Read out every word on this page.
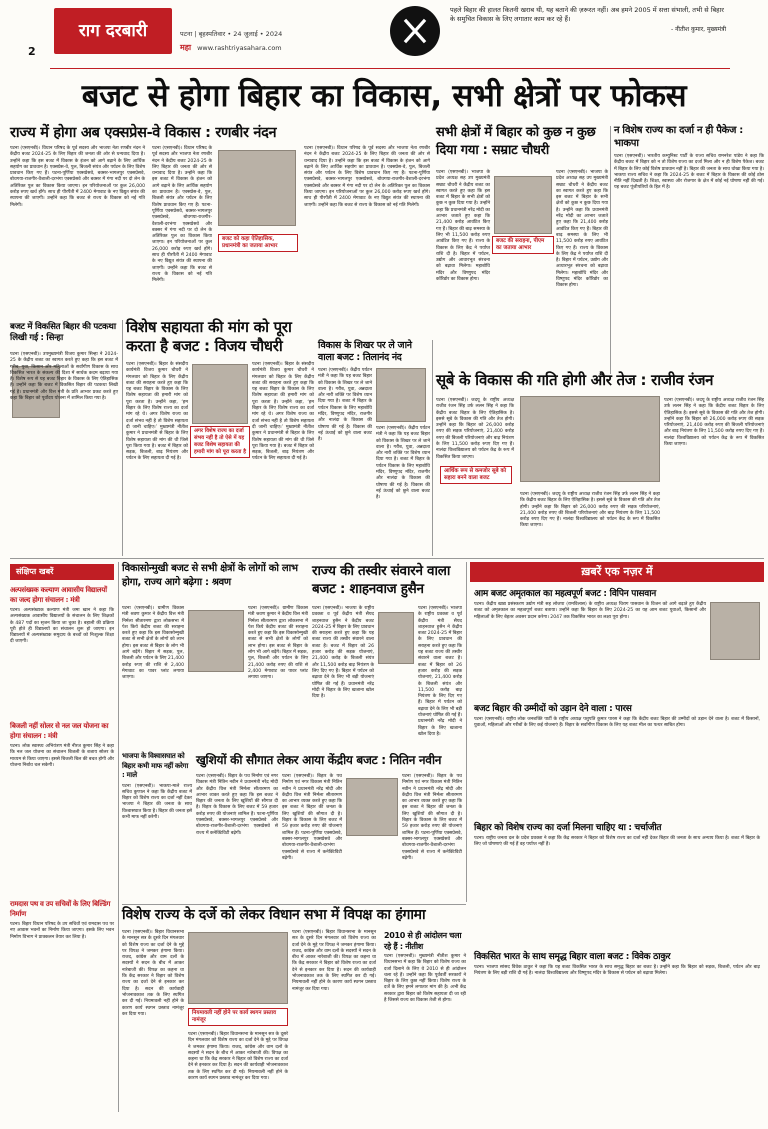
2
राग दरबारी	पटना | बृहस्पतिवार • 24 जुलाई • 2024
महा www.rashtriyasahara.com
पहले बिहार की हालत कितनी खराब थी, यह बताने की ज़रूरत नहीं। अब हमने 2005 में सत्ता संभाली, तभी से बिहार के समुचित विकास के लिए लगातार काम कर रहे हैं।
- नीतीश कुमार, मुख्यमंत्री
बजट से होगा बिहार का विकास, सभी क्षेत्रों पर फोकस
राज्य में होगा अब एक्सप्रेस-वे विकास : रणबीर नंदन
पटना (एसएनबी)। विधान परिषद के पूर्व सदस्य और भाजपा नेता रणबीर नंदन ने केंद्रीय बजट 2024-25 के लिए बिहार की जनता की ओर से धन्यवाद दिया है। उन्होंने कहा कि इस बजट में विकास के इंजन को आगे बढ़ाने के लिए आर्थिक सहयोग का प्रावधान है। एक्सप्रेस-वे, पुल, बिजली संयंत्र और पर्यटन के लिए विशेष प्रावधान किए गए हैं। पटना-पूर्णिया एक्सप्रेसवे, बक्सर-भागलपुर एक्सप्रेसवे, बोधगया-राजगीर-वैशाली-दरभंगा एक्सप्रेसवे और बक्सर में गंगा नदी पर दो लेन के अतिरिक्त पुल का विकास किया जाएगा। इन परियोजनाओं पर कुल 26,000 करोड़ रुपए खर्च होंगे। साथ ही पीरपैंती में 2400 मेगावाट के नए विद्युत संयंत्र की स्थापना की जाएगी। उन्होंने कहा कि बजट से राज्य के विकास को नई गति मिलेगी।
पटना (एसएनबी)। विधान परिषद के पूर्व सदस्य और भाजपा नेता रणबीर नंदन ने केंद्रीय बजट 2024-25 के लिए बिहार की जनता की ओर से धन्यवाद दिया है। उन्होंने कहा कि इस बजट में विकास के इंजन को आगे बढ़ाने के लिए आर्थिक सहयोग का प्रावधान है। एक्सप्रेस-वे, पुल, बिजली संयंत्र और पर्यटन के लिए विशेष प्रावधान किए गए हैं। पटना-पूर्णिया एक्सप्रेसवे, बक्सर-भागलपुर एक्सप्रेसवे, बोधगया-राजगीर-वैशाली-दरभंगा एक्सप्रेसवे और बक्सर में गंगा नदी पर दो लेन के अतिरिक्त पुल का विकास किया जाएगा। इन परियोजनाओं पर कुल 26,000 करोड़ रुपए खर्च होंगे। साथ ही पीरपैंती में 2400 मेगावाट के नए विद्युत संयंत्र की स्थापना की जाएगी। उन्होंने कहा कि बजट से राज्य के विकास को नई गति मिलेगी।
बजट को कहा ऐतिहासिक, प्रधानमंत्री का जताया आभार
पटना (एसएनबी)। विधान परिषद के पूर्व सदस्य और भाजपा नेता रणबीर नंदन ने केंद्रीय बजट 2024-25 के लिए बिहार की जनता की ओर से धन्यवाद दिया है। उन्होंने कहा कि इस बजट में विकास के इंजन को आगे बढ़ाने के लिए आर्थिक सहयोग का प्रावधान है। एक्सप्रेस-वे, पुल, बिजली संयंत्र और पर्यटन के लिए विशेष प्रावधान किए गए हैं। पटना-पूर्णिया एक्सप्रेसवे, बक्सर-भागलपुर एक्सप्रेसवे, बोधगया-राजगीर-वैशाली-दरभंगा एक्सप्रेसवे और बक्सर में गंगा नदी पर दो लेन के अतिरिक्त पुल का विकास किया जाएगा। इन परियोजनाओं पर कुल 26,000 करोड़ रुपए खर्च होंगे। साथ ही पीरपैंती में 2400 मेगावाट के नए विद्युत संयंत्र की स्थापना की जाएगी। उन्होंने कहा कि बजट से राज्य के विकास को नई गति मिलेगी।
सभी क्षेत्रों में बिहार को कुछ न कुछ दिया गया : सम्राट चौधरी
पटना (एसएनबी)। भाजपा के प्रदेश अध्यक्ष सह उप मुख्यमंत्री सम्राट चौधरी ने केंद्रीय बजट का स्वागत करते हुए कहा कि इस बजट में बिहार के सभी क्षेत्रों को कुछ न कुछ दिया गया है। उन्होंने कहा कि प्रधानमंत्री नरेंद्र मोदी का आभार जताते हुए कहा कि 21,400 करोड़ आवंटित किए गए हैं। बिहार की बाढ़ समस्या के लिए भी 11,500 करोड़ रुपए आवंटित किए गए हैं। राज्य के विकास के लिए केंद्र ने पर्याप्त राशि दी है। बिहार में पर्यटन, उद्योग और आधारभूत संरचना को बढ़ावा मिलेगा। महाबोधि मंदिर और विष्णुपद मंदिर कॉरिडोर का विकास होगा।
बजट की सराहना, पीएम का जताया आभार
पटना (एसएनबी)। भाजपा के प्रदेश अध्यक्ष सह उप मुख्यमंत्री सम्राट चौधरी ने केंद्रीय बजट का स्वागत करते हुए कहा कि इस बजट में बिहार के सभी क्षेत्रों को कुछ न कुछ दिया गया है। उन्होंने कहा कि प्रधानमंत्री नरेंद्र मोदी का आभार जताते हुए कहा कि 21,400 करोड़ आवंटित किए गए हैं। बिहार की बाढ़ समस्या के लिए भी 11,500 करोड़ रुपए आवंटित किए गए हैं। राज्य के विकास के लिए केंद्र ने पर्याप्त राशि दी है। बिहार में पर्यटन, उद्योग और आधारभूत संरचना को बढ़ावा मिलेगा। महाबोधि मंदिर और विष्णुपद मंदिर कॉरिडोर का विकास होगा।
न विशेष राज्य का दर्जा न ही पैकेज : भाकपा
पटना (एसएनबी)। भारतीय कम्युनिस्ट पार्टी के राज्य सचिव रामनरेश पांडेय ने कहा कि केंद्रीय बजट में बिहार को न तो विशेष राज्य का दर्जा मिला और न ही विशेष पैकेज। बजट में बिहार के लिए कोई विशेष प्रावधान नहीं है। बिहार की जनता के साथ धोखा किया गया है। भाकपा राज्य सचिव ने कहा कि 2024-25 के बजट में बिहार के विकास की कोई ठोस नीति नहीं दिखती है। शिक्षा, स्वास्थ्य और रोजगार के क्षेत्र में कोई नई घोषणा नहीं की गई। यह बजट पूंजीपतियों के हित में है।
बजट में विकसित बिहार की पटकथा लिखी गई : सिन्हा
पटना (एसएनबी)। उपमुख्यमंत्री विजय कुमार सिन्हा ने 2024-25 के केंद्रीय बजट का स्वागत करते हुए कहा कि इस बजट में गरीब, युवा, किसान और महिलाओं के सर्वांगीण विकास के साथ विकसित भारत के संकल्प की दिशा में सार्थक कदम बढ़ाया गया है। विशेष रूप से यह बजट बिहार के विकास के लिए ऐतिहासिक है। उन्होंने कहा कि बजट में विकसित बिहार की पटकथा लिखी गई है। प्रधानमंत्री और वित्त मंत्री के प्रति आभार प्रकट करते हुए कहा कि बिहार को पूर्वोदय योजना में शामिल किया गया है।
विशेष सहायता की मांग को पूरा करता है बजट : विजय चौधरी
पटना (एसएनबी)। बिहार के संसदीय कार्यमंत्री विजय कुमार चौधरी ने मंगलवार को बिहार के लिए केंद्रीय बजट की सराहना करते हुए कहा कि यह बजट बिहार के विकास के लिए विशेष सहायता की हमारी मांग को पूरा करता है। उन्होंने कहा, ‘हम बिहार के लिए विशेष राज्य का दर्जा मांग रहे थे। अगर विशेष राज्य का दर्जा संभव नहीं है तो विशेष सहायता दी जानी चाहिए।’ मुख्यमंत्री नीतीश कुमार ने प्रधानमंत्री से बिहार के लिए विशेष सहायता की मांग की थी जिसे पूरा किया गया है। बजट में बिहार को सड़क, बिजली, बाढ़ नियंत्रण और पर्यटन के लिए सहायता दी गई है।
अगर विशेष राज्य का दर्जा संभव नहीं है तो ऐसे में यह बजट विशेष सहायता की हमारी मांग को पूरा करता है
पटना (एसएनबी)। बिहार के संसदीय कार्यमंत्री विजय कुमार चौधरी ने मंगलवार को बिहार के लिए केंद्रीय बजट की सराहना करते हुए कहा कि यह बजट बिहार के विकास के लिए विशेष सहायता की हमारी मांग को पूरा करता है। उन्होंने कहा, ‘हम बिहार के लिए विशेष राज्य का दर्जा मांग रहे थे। अगर विशेष राज्य का दर्जा संभव नहीं है तो विशेष सहायता दी जानी चाहिए।’ मुख्यमंत्री नीतीश कुमार ने प्रधानमंत्री से बिहार के लिए विशेष सहायता की मांग की थी जिसे पूरा किया गया है। बजट में बिहार को सड़क, बिजली, बाढ़ नियंत्रण और पर्यटन के लिए सहायता दी गई है।
विकास के शिखर पर ले जाने वाला बजट : तिलानंद नंद
पटना (एसएनबी)। केंद्रीय पर्यटन मंत्री ने कहा कि यह बजट बिहार को विकास के शिखर पर ले जाने वाला है। गरीब, युवा, अन्नदाता और नारी शक्ति पर विशेष ध्यान दिया गया है। बजट में बिहार के पर्यटन विकास के लिए महाबोधि मंदिर, विष्णुपद मंदिर, राजगीर और नालंदा के विकास की घोषणा की गई है। विकास की नई ऊंचाई को छूने वाला बजट है।
पटना (एसएनबी)। केंद्रीय पर्यटन मंत्री ने कहा कि यह बजट बिहार को विकास के शिखर पर ले जाने वाला है। गरीब, युवा, अन्नदाता और नारी शक्ति पर विशेष ध्यान दिया गया है। बजट में बिहार के पर्यटन विकास के लिए महाबोधि मंदिर, विष्णुपद मंदिर, राजगीर और नालंदा के विकास की घोषणा की गई है। विकास की नई ऊंचाई को छूने वाला बजट है।
सूबे के विकास की गति होगी और तेज : राजीव रंजन
पटना (एसएनबी)। जदयू के राष्ट्रीय अध्यक्ष राजीव रंजन सिंह उर्फ ललन सिंह ने कहा कि केंद्रीय बजट बिहार के लिए ऐतिहासिक है। इससे सूबे के विकास की गति और तेज होगी। उन्होंने कहा कि बिहार को 26,000 करोड़ रुपए की सड़क परियोजनाएं, 21,400 करोड़ रुपए की बिजली परियोजनाएं और बाढ़ नियंत्रण के लिए 11,500 करोड़ रुपए दिए गए हैं। नालंदा विश्वविद्यालय को पर्यटन केंद्र के रूप में विकसित किया जाएगा।
आर्थिक रूप से कमजोर सूबे को सहारा बनने वाला बजट
पटना (एसएनबी)। जदयू के राष्ट्रीय अध्यक्ष राजीव रंजन सिंह उर्फ ललन सिंह ने कहा कि केंद्रीय बजट बिहार के लिए ऐतिहासिक है। इससे सूबे के विकास की गति और तेज होगी। उन्होंने कहा कि बिहार को 26,000 करोड़ रुपए की सड़क परियोजनाएं, 21,400 करोड़ रुपए की बिजली परियोजनाएं और बाढ़ नियंत्रण के लिए 11,500 करोड़ रुपए दिए गए हैं। नालंदा विश्वविद्यालय को पर्यटन केंद्र के रूप में विकसित किया जाएगा।
पटना (एसएनबी)। जदयू के राष्ट्रीय अध्यक्ष राजीव रंजन सिंह उर्फ ललन सिंह ने कहा कि केंद्रीय बजट बिहार के लिए ऐतिहासिक है। इससे सूबे के विकास की गति और तेज होगी। उन्होंने कहा कि बिहार को 26,000 करोड़ रुपए की सड़क परियोजनाएं, 21,400 करोड़ रुपए की बिजली परियोजनाएं और बाढ़ नियंत्रण के लिए 11,500 करोड़ रुपए दिए गए हैं। नालंदा विश्वविद्यालय को पर्यटन केंद्र के रूप में विकसित किया जाएगा।
संक्षिप्त खबरें
अल्पसंख्यक कल्याण आवासीय विद्यालयों का जल्द होगा संचालन : मंत्री
पटना। अल्पसंख्यक कल्याण मंत्री जमा खान ने कहा कि अल्पसंख्यक आवासीय विद्यालयों के संचालन के लिए शिक्षकों के 487 पदों का सृजन किया जा चुका है। बहाली की प्रक्रिया पूरी होते ही विद्यालयों का संचालन शुरू हो जाएगा। इन विद्यालयों में अल्पसंख्यक समुदाय के बच्चों को निःशुल्क शिक्षा दी जाएगी।
बिजली नहीं सोलर से नल जल योजना का होगा संचालन : मंत्री
पटना। लोक स्वास्थ्य अभियंत्रण मंत्री नीरज कुमार सिंह ने कहा कि नल जल योजना का संचालन बिजली के बजाय सोलर के माध्यम से किया जाएगा। इससे बिजली बिल की बचत होगी और योजना निर्बाध चल सकेगी।
रामदास पथ व उप सचिवों के लिए बिल्डिंग निर्माण
पटना। बिहार विधान परिषद के उप सचिवों एवं रामदास पथ पर नए आवास भवनों का निर्माण किया जाएगा। इसके लिए भवन निर्माण विभाग ने प्राक्कलन तैयार कर लिया है।
विकासोन्मुखी बजट से सभी क्षेत्रों के लोगों को लाभ होगा, राज्य आगे बढ़ेगा : श्रवण
पटना (एसएनबी)। ग्रामीण विकास मंत्री श्रवण कुमार ने केंद्रीय वित्त मंत्री निर्मला सीतारमण द्वारा लोकसभा में पेश किये केंद्रीय बजट की सराहना करते हुए कहा कि इस विकासोन्मुखी बजट से सभी क्षेत्रों के लोगों को लाभ होगा। इस बजट से बिहार के लोग भी आगे बढ़ेंगे। बिहार में सड़क, पुल, बिजली और पर्यटन के लिए 21,400 करोड़ रुपए की राशि से 2,400 मेगावाट का पावर प्लांट लगाया जाएगा।
पटना (एसएनबी)। ग्रामीण विकास मंत्री श्रवण कुमार ने केंद्रीय वित्त मंत्री निर्मला सीतारमण द्वारा लोकसभा में पेश किये केंद्रीय बजट की सराहना करते हुए कहा कि इस विकासोन्मुखी बजट से सभी क्षेत्रों के लोगों को लाभ होगा। इस बजट से बिहार के लोग भी आगे बढ़ेंगे। बिहार में सड़क, पुल, बिजली और पर्यटन के लिए 21,400 करोड़ रुपए की राशि से 2,400 मेगावाट का पावर प्लांट लगाया जाएगा।
भाजपा के विश्वासघात को बिहार कभी माफ नहीं करेगा : माले
पटना (एसएनबी)। भाकपा-माले राज्य सचिव कुणाल ने कहा कि केंद्रीय बजट में बिहार को विशेष राज्य का दर्जा नहीं देकर भाजपा ने बिहार की जनता के साथ विश्वासघात किया है। बिहार की जनता इसे कभी माफ नहीं करेगी।
राज्य की तस्वीर संवारने वाला बजट : शाहनवाज हुसैन
पटना (एसएनबी)। भाजपा के राष्ट्रीय प्रवक्ता व पूर्व केंद्रीय मंत्री सैयद शाहनवाज हुसैन ने केंद्रीय बजट 2024-25 में बिहार के लिए प्रावधान की सराहना करते हुए कहा कि यह बजट राज्य की तस्वीर संवारने वाला बजट है। बजट में बिहार को 26 हजार करोड़ की सड़क योजनाएं, 21,400 करोड़ के बिजली संयंत्र और 11,500 करोड़ बाढ़ नियंत्रण के लिए दिए गए हैं। बिहार में पर्यटन को बढ़ावा देने के लिए भी बड़ी योजनाएं घोषित की गई हैं। प्रधानमंत्री नरेंद्र मोदी ने बिहार के लिए खजाना खोल दिया है।
पटना (एसएनबी)। भाजपा के राष्ट्रीय प्रवक्ता व पूर्व केंद्रीय मंत्री सैयद शाहनवाज हुसैन ने केंद्रीय बजट 2024-25 में बिहार के लिए प्रावधान की सराहना करते हुए कहा कि यह बजट राज्य की तस्वीर संवारने वाला बजट है। बजट में बिहार को 26 हजार करोड़ की सड़क योजनाएं, 21,400 करोड़ के बिजली संयंत्र और 11,500 करोड़ बाढ़ नियंत्रण के लिए दिए गए हैं। बिहार में पर्यटन को बढ़ावा देने के लिए भी बड़ी योजनाएं घोषित की गई हैं। प्रधानमंत्री नरेंद्र मोदी ने बिहार के लिए खजाना खोल दिया है।
खुशियों की सौगात लेकर आया केंद्रीय बजट : नितिन नवीन
पटना (एसएनबी)। बिहार के पथ निर्माण एवं नगर विकास मंत्री नितिन नवीन ने प्रधानमंत्री नरेंद्र मोदी और केंद्रीय वित्त मंत्री निर्मला सीतारमण का आभार व्यक्त करते हुए कहा कि इस बजट ने बिहार की जनता के लिए खुशियों की सौगात दी है। बिहार के विकास के लिए बजट में 59 हजार करोड़ रुपए की योजनाएं शामिल हैं। पटना-पूर्णिया एक्सप्रेसवे, बक्सर-भागलपुर एक्सप्रेसवे और बोधगया-राजगीर-वैशाली-दरभंगा एक्सप्रेसवे से राज्य में कनेक्टिविटी बढ़ेगी।
पटना (एसएनबी)। बिहार के पथ निर्माण एवं नगर विकास मंत्री नितिन नवीन ने प्रधानमंत्री नरेंद्र मोदी और केंद्रीय वित्त मंत्री निर्मला सीतारमण का आभार व्यक्त करते हुए कहा कि इस बजट ने बिहार की जनता के लिए खुशियों की सौगात दी है। बिहार के विकास के लिए बजट में 59 हजार करोड़ रुपए की योजनाएं शामिल हैं। पटना-पूर्णिया एक्सप्रेसवे, बक्सर-भागलपुर एक्सप्रेसवे और बोधगया-राजगीर-वैशाली-दरभंगा एक्सप्रेसवे से राज्य में कनेक्टिविटी बढ़ेगी।
पटना (एसएनबी)। बिहार के पथ निर्माण एवं नगर विकास मंत्री नितिन नवीन ने प्रधानमंत्री नरेंद्र मोदी और केंद्रीय वित्त मंत्री निर्मला सीतारमण का आभार व्यक्त करते हुए कहा कि इस बजट ने बिहार की जनता के लिए खुशियों की सौगात दी है। बिहार के विकास के लिए बजट में 59 हजार करोड़ रुपए की योजनाएं शामिल हैं। पटना-पूर्णिया एक्सप्रेसवे, बक्सर-भागलपुर एक्सप्रेसवे और बोधगया-राजगीर-वैशाली-दरभंगा एक्सप्रेसवे से राज्य में कनेक्टिविटी बढ़ेगी।
विशेष राज्य के दर्जे को लेकर विधान सभा में विपक्ष का हंगामा
पटना (एसएनबी)। बिहार विधानसभा के मानसून सत्र के दूसरे दिन मंगलवार को विशेष राज्य का दर्जा देने के मुद्दे पर विपक्ष ने जमकर हंगामा किया। राजद, कांग्रेस और वाम दलों के सदस्यों ने सदन के बीच में आकर नारेबाजी की। विपक्ष का कहना था कि केंद्र सरकार ने बिहार को विशेष राज्य का दर्जा देने से इनकार कर दिया है। सदन की कार्यवाही भोजनावकाश तक के लिए स्थगित कर दी गई। नियमावली नहीं होने के कारण कार्य स्थगन प्रस्ताव नामंजूर कर दिया गया।	नियमावली नहीं होने पर कार्य स्थगन प्रस्ताव नामंजूर
पटना (एसएनबी)। बिहार विधानसभा के मानसून सत्र के दूसरे दिन मंगलवार को विशेष राज्य का दर्जा देने के मुद्दे पर विपक्ष ने जमकर हंगामा किया। राजद, कांग्रेस और वाम दलों के सदस्यों ने सदन के बीच में आकर नारेबाजी की। विपक्ष का कहना था कि केंद्र सरकार ने बिहार को विशेष राज्य का दर्जा देने से इनकार कर दिया है। सदन की कार्यवाही भोजनावकाश तक के लिए स्थगित कर दी गई। नियमावली नहीं होने के कारण कार्य स्थगन प्रस्ताव नामंजूर कर दिया गया।
पटना (एसएनबी)। बिहार विधानसभा के मानसून सत्र के दूसरे दिन मंगलवार को विशेष राज्य का दर्जा देने के मुद्दे पर विपक्ष ने जमकर हंगामा किया। राजद, कांग्रेस और वाम दलों के सदस्यों ने सदन के बीच में आकर नारेबाजी की। विपक्ष का कहना था कि केंद्र सरकार ने बिहार को विशेष राज्य का दर्जा देने से इनकार कर दिया है। सदन की कार्यवाही भोजनावकाश तक के लिए स्थगित कर दी गई। नियमावली नहीं होने के कारण कार्य स्थगन प्रस्ताव नामंजूर कर दिया गया।
2010 से ही आंदोलन चला रहे हैं : नीतीश
पटना (एसएनबी)। मुख्यमंत्री नीतीश कुमार ने विधानसभा में कहा कि बिहार को विशेष राज्य का दर्जा दिलाने के लिए वे 2010 से ही आंदोलन चला रहे हैं। उन्होंने कहा कि पूर्ववर्ती सरकारों ने बिहार के लिए कुछ नहीं किया। विशेष राज्य के दर्जे के लिए हमने लगातार मांग की है। अभी केंद्र सरकार द्वारा बिहार को विशेष सहायता दी जा रही है जिससे राज्य का विकास तेजी से होगा।
ख़बरें एक नज़र में
आम बजट अमृतकाल का महत्वपूर्ण बजट : विपिन पासवान
पटना। केंद्रीय खाद्य प्रसंस्करण उद्योग मंत्री सह लोजपा (रामविलास) के राष्ट्रीय अध्यक्ष चिराग पासवान के विजन को आगे बढ़ाते हुए केंद्रीय बजट को अमृतकाल का महत्वपूर्ण बजट बताया। उन्होंने कहा कि बिहार के लिए 2024-25 का यह आम बजट युवाओं, किसानों और महिलाओं के लिए बेहतर अवसर प्रदान करेगा। 2047 तक विकसित भारत का लक्ष्य पूरा होगा।
बजट बिहार की उम्मीदों को उड़ान देने वाला : पारस
पटना (एसएनबी)। राष्ट्रीय लोक जनशक्ति पार्टी के राष्ट्रीय अध्यक्ष पशुपति कुमार पारस ने कहा कि केंद्रीय बजट बिहार की उम्मीदों को उड़ान देने वाला है। बजट में किसानों, युवाओं, महिलाओं और गरीबों के लिए कई योजनाएं हैं। बिहार के सर्वांगीण विकास के लिए यह बजट मील का पत्थर साबित होगा।
बिहार को विशेष राज्य का दर्जा मिलना चाहिए था : चर्चाजीत
पटना। राष्ट्रीय जनता दल के प्रदेश प्रवक्ता ने कहा कि केंद्र सरकार ने बिहार को विशेष राज्य का दर्जा नहीं देकर बिहार की जनता के साथ अन्याय किया है। बजट में बिहार के लिए जो घोषणाएं की गई हैं वह पर्याप्त नहीं हैं।
विकसित भारत के साथ समृद्ध बिहार वाला बजट : विवेक ठाकुर
पटना। भाजपा सांसद विवेक ठाकुर ने कहा कि यह बजट विकसित भारत के साथ समृद्ध बिहार का बजट है। उन्होंने कहा कि बिहार को सड़क, बिजली, पर्यटन और बाढ़ नियंत्रण के लिए बड़ी राशि दी गई है। नालंदा विश्वविद्यालय और विष्णुपद मंदिर के विकास से पर्यटन को बढ़ावा मिलेगा।
